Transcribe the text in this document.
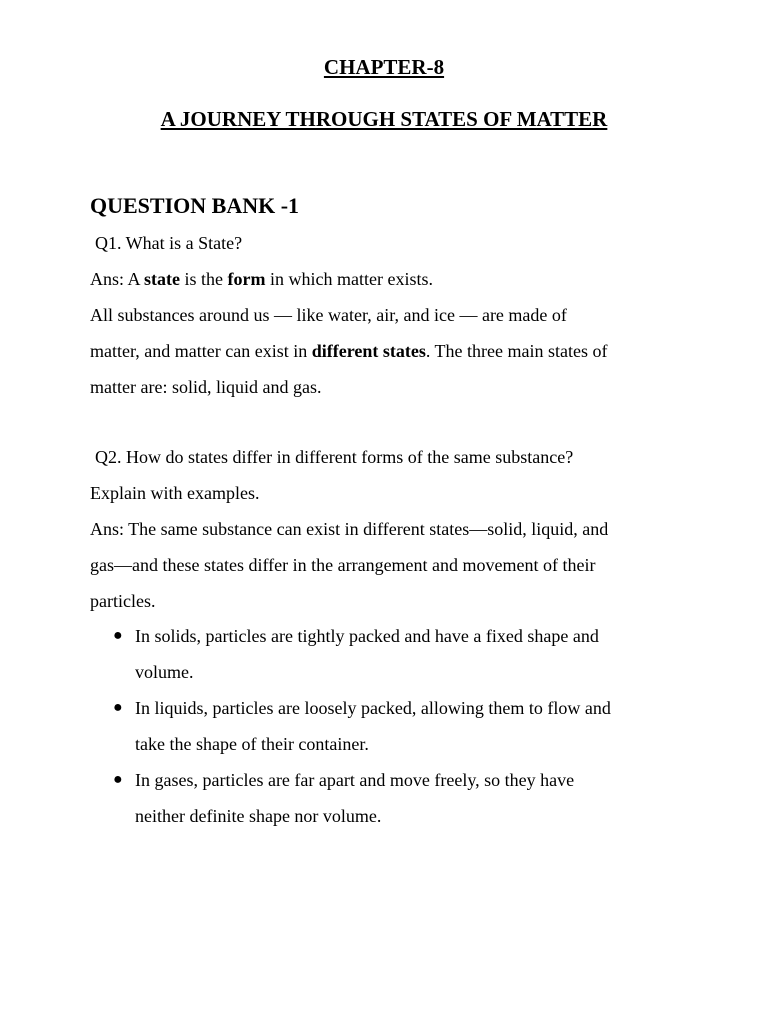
CHAPTER-8
A JOURNEY THROUGH STATES OF MATTER
QUESTION BANK -1
Q1. What is a State?
Ans: A state is the form in which matter exists.
All substances around us — like water, air, and ice — are made of
matter, and matter can exist in different states. The three main states of
matter are: solid, liquid and gas.
Q2. How do states differ in different forms of the same substance?
Explain with examples.
Ans: The same substance can exist in different states—solid, liquid, and
gas—and these states differ in the arrangement and movement of their
particles.
● In solids, particles are tightly packed and have a fixed shape and
volume.
● In liquids, particles are loosely packed, allowing them to flow and
take the shape of their container.
● In gases, particles are far apart and move freely, so they have
neither definite shape nor volume.
